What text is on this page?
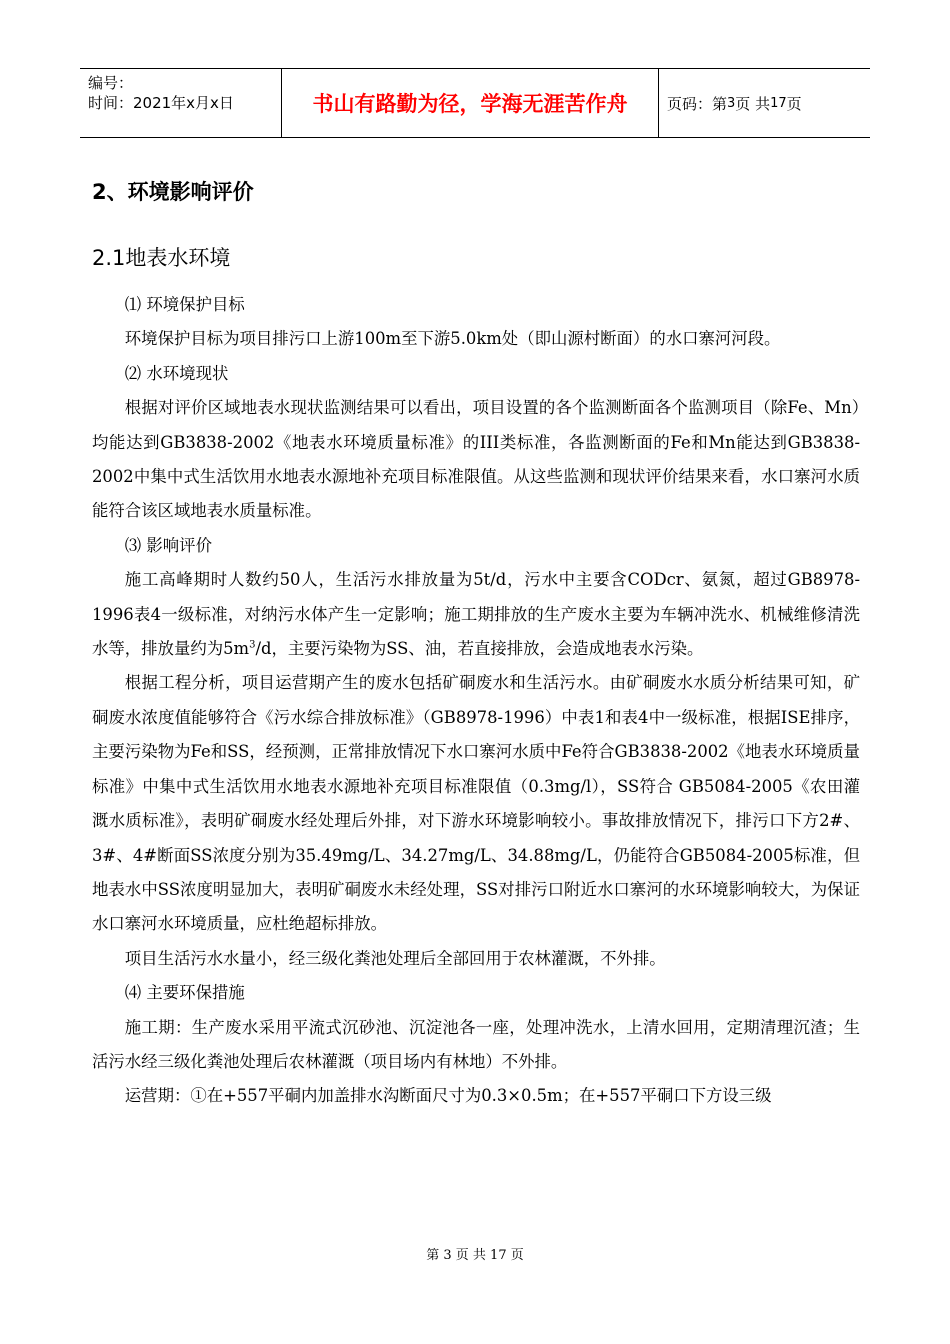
编号：
时间：2021年x月x日	书山有路勤为径，学海无涯苦作舟	页码：第 3 页 共 17 页
2、环境影响评价
2.1地表水环境

⑴ 环境保护目标

环境保护目标为项目排污口上游100m至下游5.0km处（即山源村断面）的水口寨河河段。

⑵ 水环境现状

根据对评价区域地表水现状监测结果可以看出，项目设置的各个监测断面各个监测项目（除Fe、Mn）均能达到GB3838-2002《地表水环境质量标准》的III类标准，各监测断面的Fe和Mn能达到GB3838-2002中集中式生活饮用水地表水源地补充项目标准限值。从这些监测和现状评价结果来看，水口寨河水质能符合该区域地表水质量标准。

⑶ 影响评价

施工高峰期时人数约50人，生活污水排放量为5t/d，污水中主要含CODcr、氨氮，超过GB8978-1996表4一级标准，对纳污水体产生一定影响；施工期排放的生产废水主要为车辆冲洗水、机械维修清洗水等，排放量约为$5m^3/d$，主要污染物为SS、油，若直接排放，会造成地表水污染。

根据工程分析，项目运营期产生的废水包括矿硐废水和生活污水。由矿硐废水水质分析结果可知，矿硐废水浓度值能够符合《污水综合排放标准》（GB8978-1996）中表1和表4中一级标准，根据ISE排序，主要污染物为Fe和SS，经预测，正常排放情况下水口寨河水质中Fe符合GB3838-2002《地表水环境质量标准》中集中式生活饮用水地表水源地补充项目标准限值（0.3mg/l），SS符合 GB5084-2005《农田灌溉水质标准》，表明矿硐废水经处理后外排，对下游水环境影响较小。事故排放情况下，排污口下方2#、3#、4#断面SS浓度分别为35.49mg/L、34.27mg/L、34.88mg/L，仍能符合GB5084-2005标准，但地表水中SS浓度明显加大，表明矿硐废水未经处理，SS对排污口附近水口寨河的水环境影响较大，为保证水口寨河水环境质量，应杜绝超标排放。

项目生活污水水量小，经三级化粪池处理后全部回用于农林灌溉，不外排。

⑷ 主要环保措施

施工期：生产废水采用平流式沉砂池、沉淀池各一座，处理冲洗水，上清水回用，定期清理沉渣；生活污水经三级化粪池处理后农林灌溉（项目场内有林地）不外排。

运营期：①在+557平硐内加盖排水沟断面尺寸为0.3×0.5m；在+557平硐口下方设三级

第 3 页 共 17 页
